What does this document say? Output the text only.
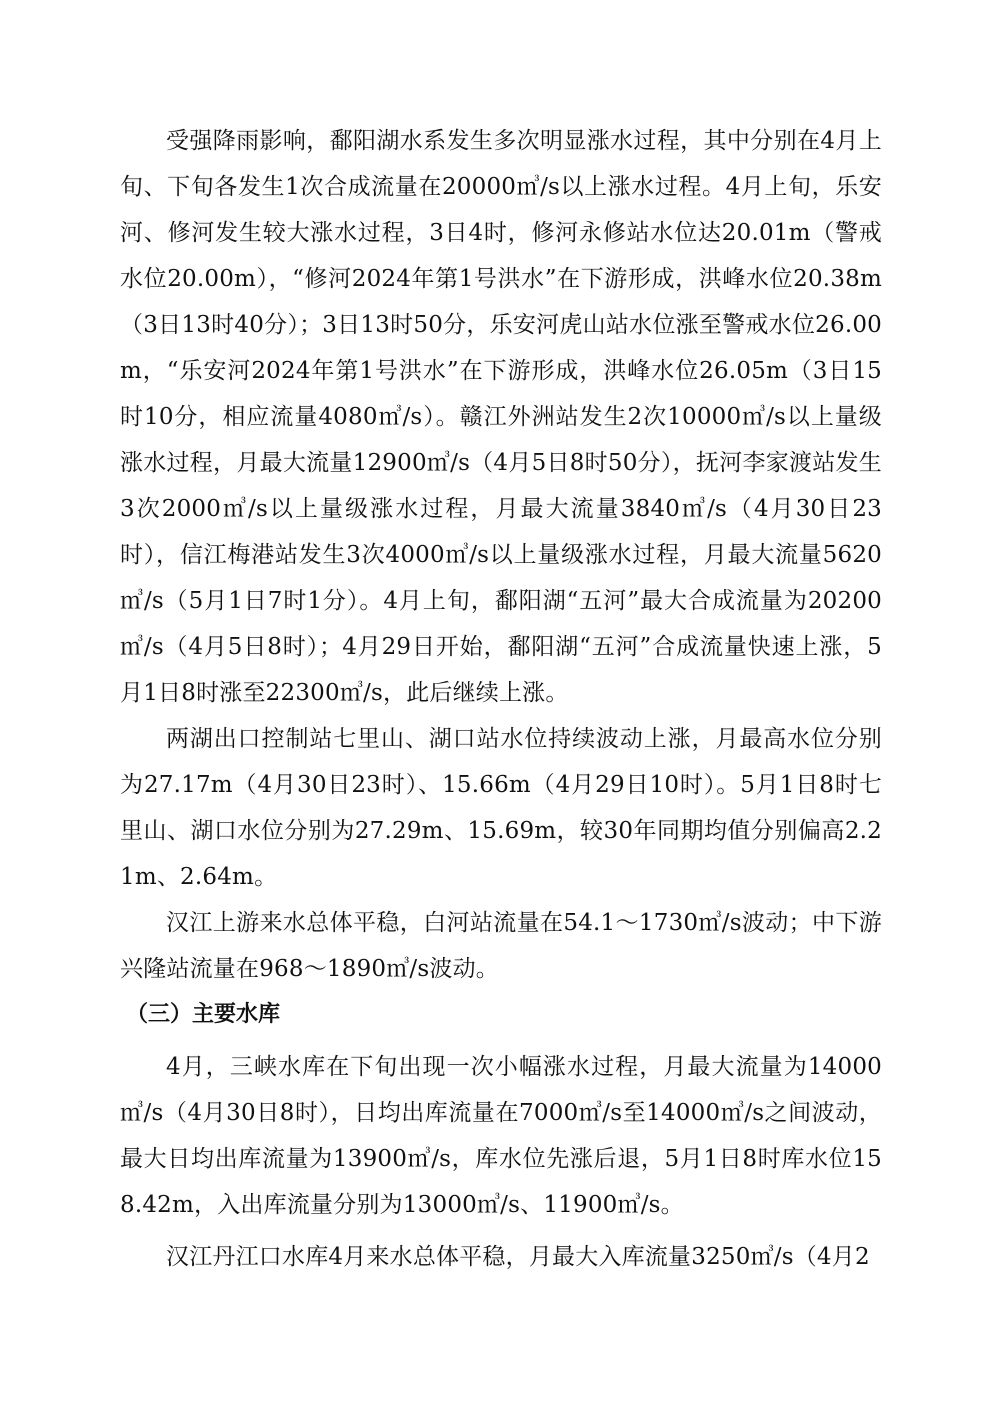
受强降雨影响，鄱阳湖水系发生多次明显涨水过程，其中分别在4月上旬、下旬各发生1次合成流量在20000㎥/s以上涨水过程。4月上旬，乐安河、修河发生较大涨水过程，3日4时，修河永修站水位达20.01m（警戒水位20.00m），“修河2024年第1号洪水”在下游形成，洪峰水位20.38m（3日13时40分）；3日13时50分，乐安河虎山站水位涨至警戒水位26.00m，“乐安河2024年第1号洪水”在下游形成，洪峰水位26.05m（3日15时10分，相应流量4080㎥/s）。赣江外洲站发生2次10000㎥/s以上量级涨水过程，月最大流量12900㎥/s（4月5日8时50分），抚河李家渡站发生3次2000㎥/s以上量级涨水过程，月最大流量3840㎥/s（4月30日23时），信江梅港站发生3次4000㎥/s以上量级涨水过程，月最大流量5620㎥/s（5月1日7时1分）。4月上旬，鄱阳湖“五河”最大合成流量为20200㎥/s（4月5日8时）；4月29日开始，鄱阳湖“五河”合成流量快速上涨，5月1日8时涨至22300㎥/s，此后继续上涨。

两湖出口控制站七里山、湖口站水位持续波动上涨，月最高水位分别为27.17m（4月30日23时）、15.66m（4月29日10时）。5月1日8时七里山、湖口水位分别为27.29m、15.69m，较30年同期均值分别偏高2.21m、2.64m。

汉江上游来水总体平稳，白河站流量在54.1～1730㎥/s波动；中下游兴隆站流量在968～1890㎥/s波动。

（三）主要水库

4月，三峡水库在下旬出现一次小幅涨水过程，月最大流量为14000㎥/s（4月30日8时），日均出库流量在7000㎥/s至14000㎥/s之间波动，最大日均出库流量为13900㎥/s，库水位先涨后退，5月1日8时库水位158.42m，入出库流量分别为13000㎥/s、11900㎥/s。

汉江丹江口水库4月来水总体平稳，月最大入库流量3250㎥/s（4月2
